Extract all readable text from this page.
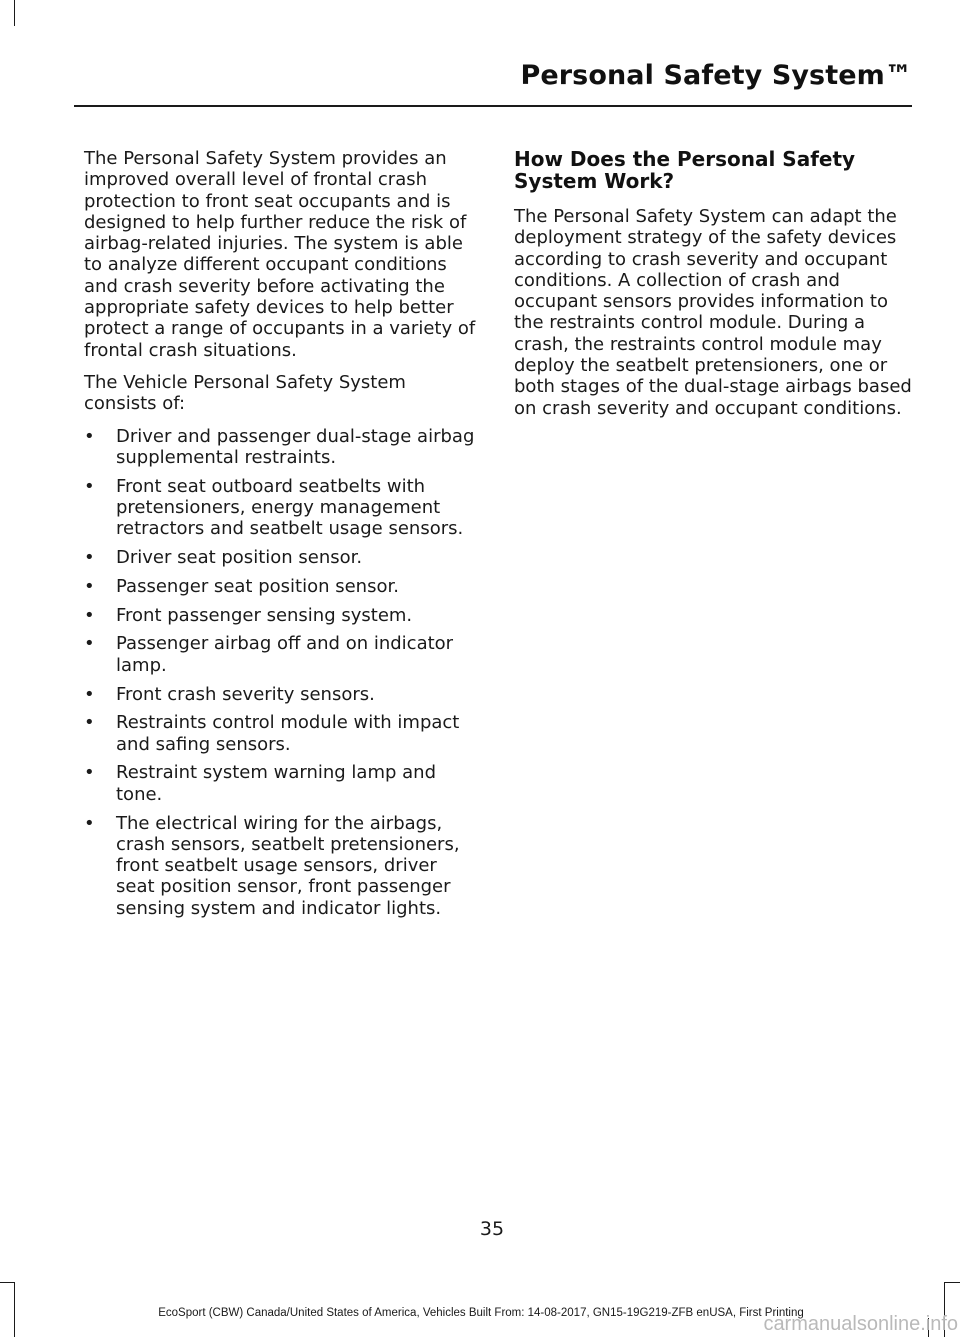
Personal Safety System™

The Personal Safety System provides an improved overall level of frontal crash protection to front seat occupants and is designed to help further reduce the risk of airbag-related injuries. The system is able to analyze different occupant conditions and crash severity before activating the appropriate safety devices to help better protect a range of occupants in a variety of frontal crash situations.

The Vehicle Personal Safety System consists of:

• Driver and passenger dual-stage airbag supplemental restraints.
• Front seat outboard seatbelts with pretensioners, energy management retractors and seatbelt usage sensors.
• Driver seat position sensor.
• Passenger seat position sensor.
• Front passenger sensing system.
• Passenger airbag off and on indicator lamp.
• Front crash severity sensors.
• Restraints control module with impact and safing sensors.
• Restraint system warning lamp and tone.
• The electrical wiring for the airbags, crash sensors, seatbelt pretensioners, front seatbelt usage sensors, driver seat position sensor, front passenger sensing system and indicator lights.
How Does the Personal Safety System Work?

The Personal Safety System can adapt the deployment strategy of the safety devices according to crash severity and occupant conditions. A collection of crash and occupant sensors provides information to the restraints control module. During a crash, the restraints control module may deploy the seatbelt pretensioners, one or both stages of the dual-stage airbags based on crash severity and occupant conditions.

35
EcoSport (CBW) Canada/United States of America, Vehicles Built From: 14-08-2017, GN15-19G219-ZFB enUSA, First Printing
carmanualsonline.info
